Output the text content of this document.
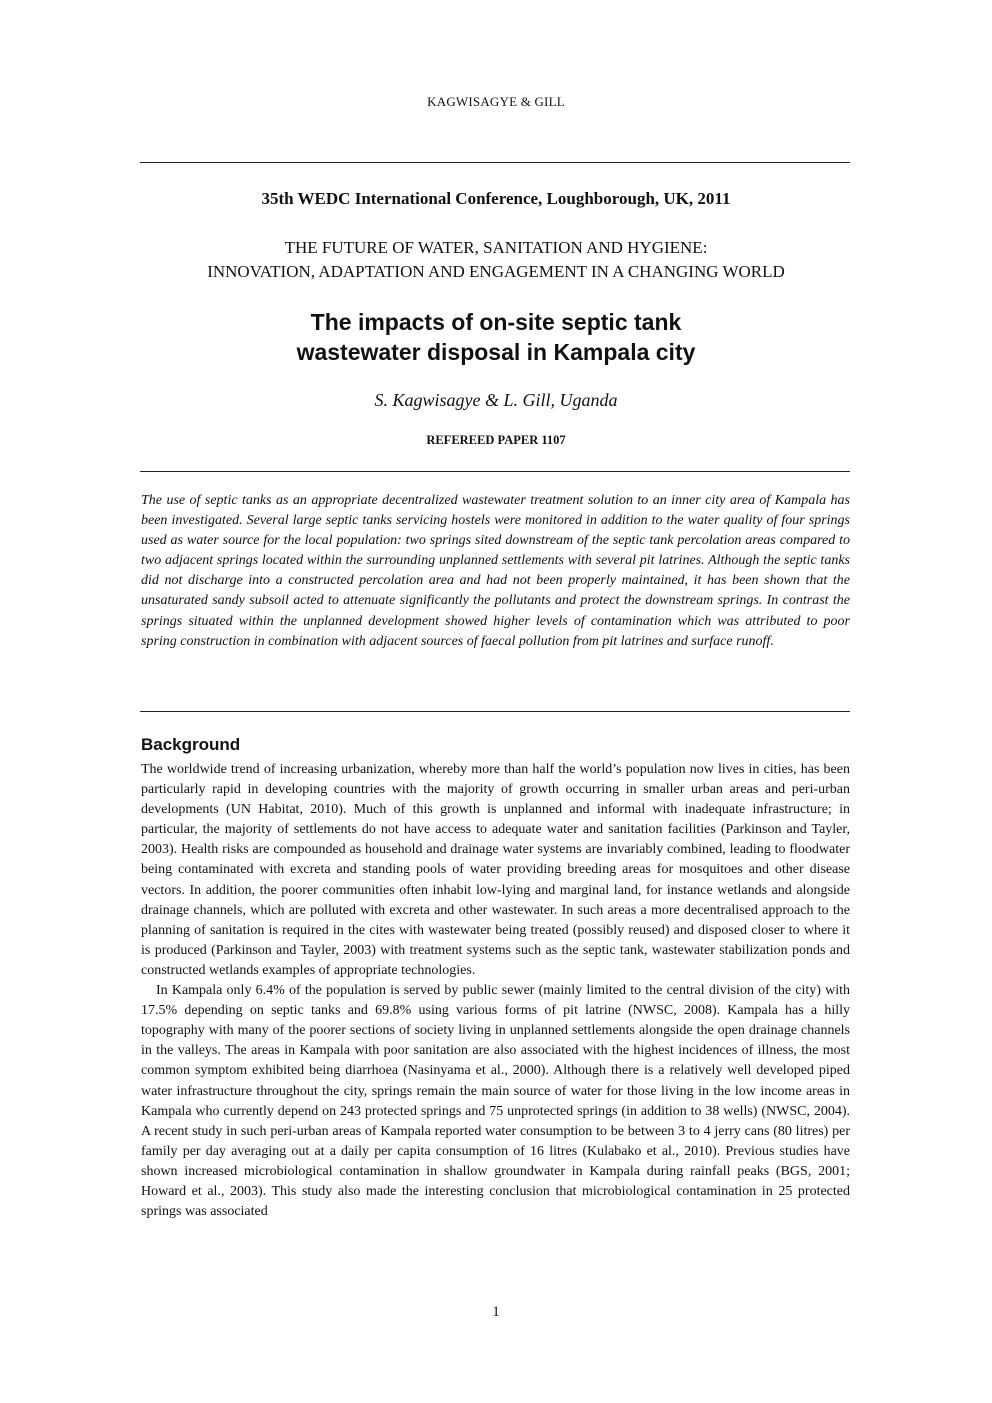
KAGWISAGYE & GILL
35th WEDC International Conference, Loughborough, UK, 2011
THE FUTURE OF WATER, SANITATION AND HYGIENE:
INNOVATION, ADAPTATION AND ENGAGEMENT IN A CHANGING WORLD
The impacts of on-site septic tank
wastewater disposal in Kampala city
S. Kagwisagye & L. Gill, Uganda
REFEREED PAPER 1107

The use of septic tanks as an appropriate decentralized wastewater treatment solution to an inner city area of Kampala has been investigated. Several large septic tanks servicing hostels were monitored in addition to the water quality of four springs used as water source for the local population: two springs sited downstream of the septic tank percolation areas compared to two adjacent springs located within the surrounding unplanned settlements with several pit latrines. Although the septic tanks did not discharge into a constructed percolation area and had not been properly maintained, it has been shown that the unsaturated sandy subsoil acted to attenuate significantly the pollutants and protect the downstream springs. In contrast the springs situated within the unplanned development showed higher levels of contamination which was attributed to poor spring construction in combination with adjacent sources of faecal pollution from pit latrines and surface runoff.

Background

The worldwide trend of increasing urbanization, whereby more than half the world’s population now lives in cities, has been particularly rapid in developing countries with the majority of growth occurring in smaller urban areas and peri-urban developments (UN Habitat, 2010). Much of this growth is unplanned and informal with inadequate infrastructure; in particular, the majority of settlements do not have access to adequate water and sanitation facilities (Parkinson and Tayler, 2003). Health risks are compounded as household and drainage water systems are invariably combined, leading to floodwater being contaminated with excreta and standing pools of water providing breeding areas for mosquitoes and other disease vectors. In addition, the poorer communities often inhabit low-lying and marginal land, for instance wetlands and alongside drainage channels, which are polluted with excreta and other wastewater. In such areas a more decentralised approach to the planning of sanitation is required in the cites with wastewater being treated (possibly reused) and disposed closer to where it is produced (Parkinson and Tayler, 2003) with treatment systems such as the septic tank, wastewater stabilization ponds and constructed wetlands examples of appropriate technologies.

In Kampala only 6.4% of the population is served by public sewer (mainly limited to the central division of the city) with 17.5% depending on septic tanks and 69.8% using various forms of pit latrine (NWSC, 2008). Kampala has a hilly topography with many of the poorer sections of society living in unplanned settlements alongside the open drainage channels in the valleys. The areas in Kampala with poor sanitation are also associated with the highest incidences of illness, the most common symptom exhibited being diarrhoea (Nasinyama et al., 2000). Although there is a relatively well developed piped water infrastructure throughout the city, springs remain the main source of water for those living in the low income areas in Kampala who currently depend on 243 protected springs and 75 unprotected springs (in addition to 38 wells) (NWSC, 2004). A recent study in such peri-urban areas of Kampala reported water consumption to be between 3 to 4 jerry cans (80 litres) per family per day averaging out at a daily per capita consumption of 16 litres (Kulabako et al., 2010). Previous studies have shown increased microbiological contamination in shallow groundwater in Kampala during rainfall peaks (BGS, 2001; Howard et al., 2003). This study also made the interesting conclusion that microbiological contamination in 25 protected springs was associated

1
